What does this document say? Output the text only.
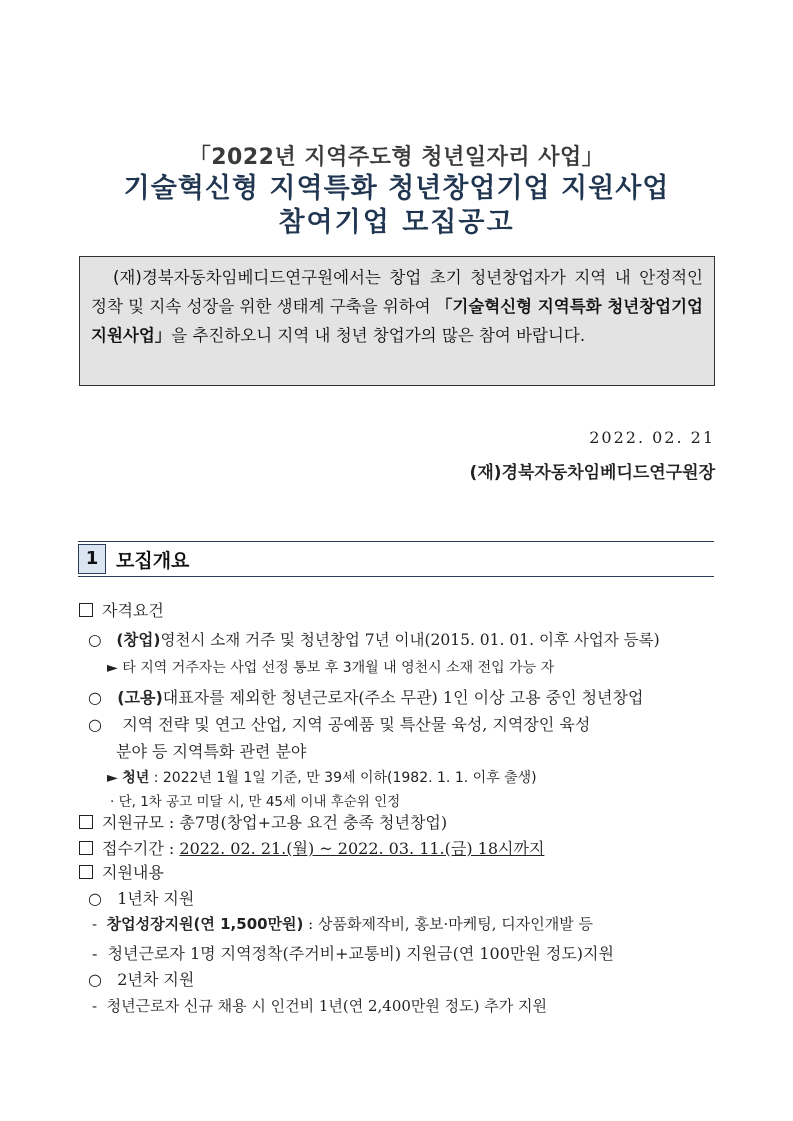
「2022년 지역주도형 청년일자리 사업」
기술혁신형 지역특화 청년창업기업 지원사업
참여기업 모집공고
(재)경북자동차임베디드연구원에서는 창업 초기 청년창업자가 지역 내 안정적인 정착 및 지속 성장을 위한 생태계 구축을 위하여 「기술혁신형 지역특화 청년창업기업 지원사업」을 추진하오니 지역 내 청년 창업가의 많은 참여 바랍니다.
2022. 02. 21
(재)경북자동차임베디드연구원장
1 모집개요
자격요건
○   (창업)영천시 소재 거주 및 청년창업 7년 이내(2015. 01. 01. 이후 사업자 등록)
► 타 지역 거주자는 사업 선정 통보 후 3개월 내 영천시 소재 전입 가능 자
○   (고용)대표자를 제외한 청년근로자(주소 무관) 1인 이상 고용 중인 청년창업
○    지역 전략 및 연고 산업, 지역 공예품 및 특산물 육성, 지역장인 육성
분야 등 지역특화 관련 분야
► 청년 : 2022년 1월 1일 기준, 만 39세 이하(1982. 1. 1. 이후 출생)
· 단, 1차 공고 미달 시, 만 45세 이내 후순위 인정
지원규모 : 총7명(창업+고용 요건 충족 청년창업)
접수기간 : 2022. 02. 21.(월) ~ 2022. 03. 11.(금) 18시까지
지원내용
○   1년차 지원
-  창업성장지원(연 1,500만원) : 상품화제작비, 홍보·마케팅, 디자인개발 등
-  청년근로자 1명 지역정착(주거비+교통비) 지원금(연 100만원 정도)지원
○   2년차 지원
-  청년근로자 신규 채용 시 인건비 1년(연 2,400만원 정도) 추가 지원
